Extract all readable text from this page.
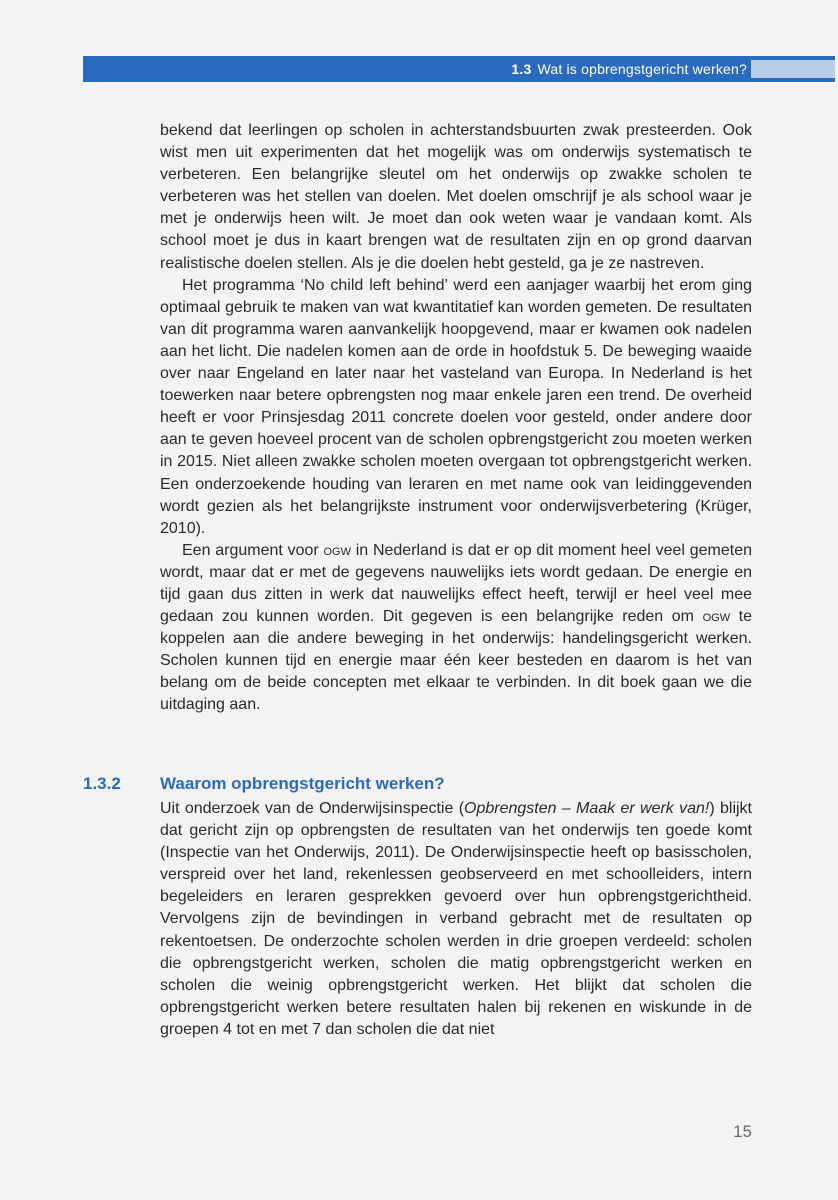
1.3 Wat is opbrengstgericht werken?

bekend dat leerlingen op scholen in achterstandsbuurten zwak presteerden. Ook wist men uit experimenten dat het mogelijk was om onderwijs systematisch te verbeteren. Een belangrijke sleutel om het onderwijs op zwakke scholen te verbeteren was het stellen van doelen. Met doelen omschrijf je als school waar je met je onderwijs heen wilt. Je moet dan ook weten waar je vandaan komt. Als school moet je dus in kaart brengen wat de resultaten zijn en op grond daarvan realistische doelen stellen. Als je die doelen hebt gesteld, ga je ze nastreven.

Het programma ‘No child left behind’ werd een aanjager waarbij het erom ging optimaal gebruik te maken van wat kwantitatief kan worden gemeten. De resultaten van dit programma waren aanvankelijk hoopgevend, maar er kwamen ook nadelen aan het licht. Die nadelen komen aan de orde in hoofdstuk 5. De beweging waaide over naar Engeland en later naar het vasteland van Europa. In Nederland is het toewerken naar betere opbrengsten nog maar enkele jaren een trend. De overheid heeft er voor Prinsjesdag 2011 concrete doelen voor gesteld, onder andere door aan te geven hoeveel procent van de scholen opbrengstgericht zou moeten werken in 2015. Niet alleen zwakke scholen moeten overgaan tot opbrengstgericht werken. Een onderzoekende houding van leraren en met name ook van leidinggevenden wordt gezien als het belangrijkste instrument voor onderwijsverbetering (Krüger, 2010).

Een argument voor ogw in Nederland is dat er op dit moment heel veel gemeten wordt, maar dat er met de gegevens nauwelijks iets wordt gedaan. De energie en tijd gaan dus zitten in werk dat nauwelijks effect heeft, terwijl er heel veel mee gedaan zou kunnen worden. Dit gegeven is een belangrijke reden om ogw te koppelen aan die andere beweging in het onderwijs: handelingsgericht werken. Scholen kunnen tijd en energie maar één keer besteden en daarom is het van belang om de beide concepten met elkaar te verbinden. In dit boek gaan we die uitdaging aan.

1.3.2 Waarom opbrengstgericht werken?

Uit onderzoek van de Onderwijsinspectie (Opbrengsten – Maak er werk van!) blijkt dat gericht zijn op opbrengsten de resultaten van het onderwijs ten goede komt (Inspectie van het Onderwijs, 2011). De Onderwijsinspectie heeft op basisscholen, verspreid over het land, rekenlessen geobserveerd en met schoolleiders, intern begeleiders en leraren gesprekken gevoerd over hun opbrengstgerichtheid. Vervolgens zijn de bevindingen in verband gebracht met de resultaten op rekentoetsen. De onderzochte scholen werden in drie groepen verdeeld: scholen die opbrengstgericht werken, scholen die matig opbrengstgericht werken en scholen die weinig opbrengstgericht werken. Het blijkt dat scholen die opbrengstgericht werken betere resultaten halen bij rekenen en wiskunde in de groepen 4 tot en met 7 dan scholen die dat niet

15
